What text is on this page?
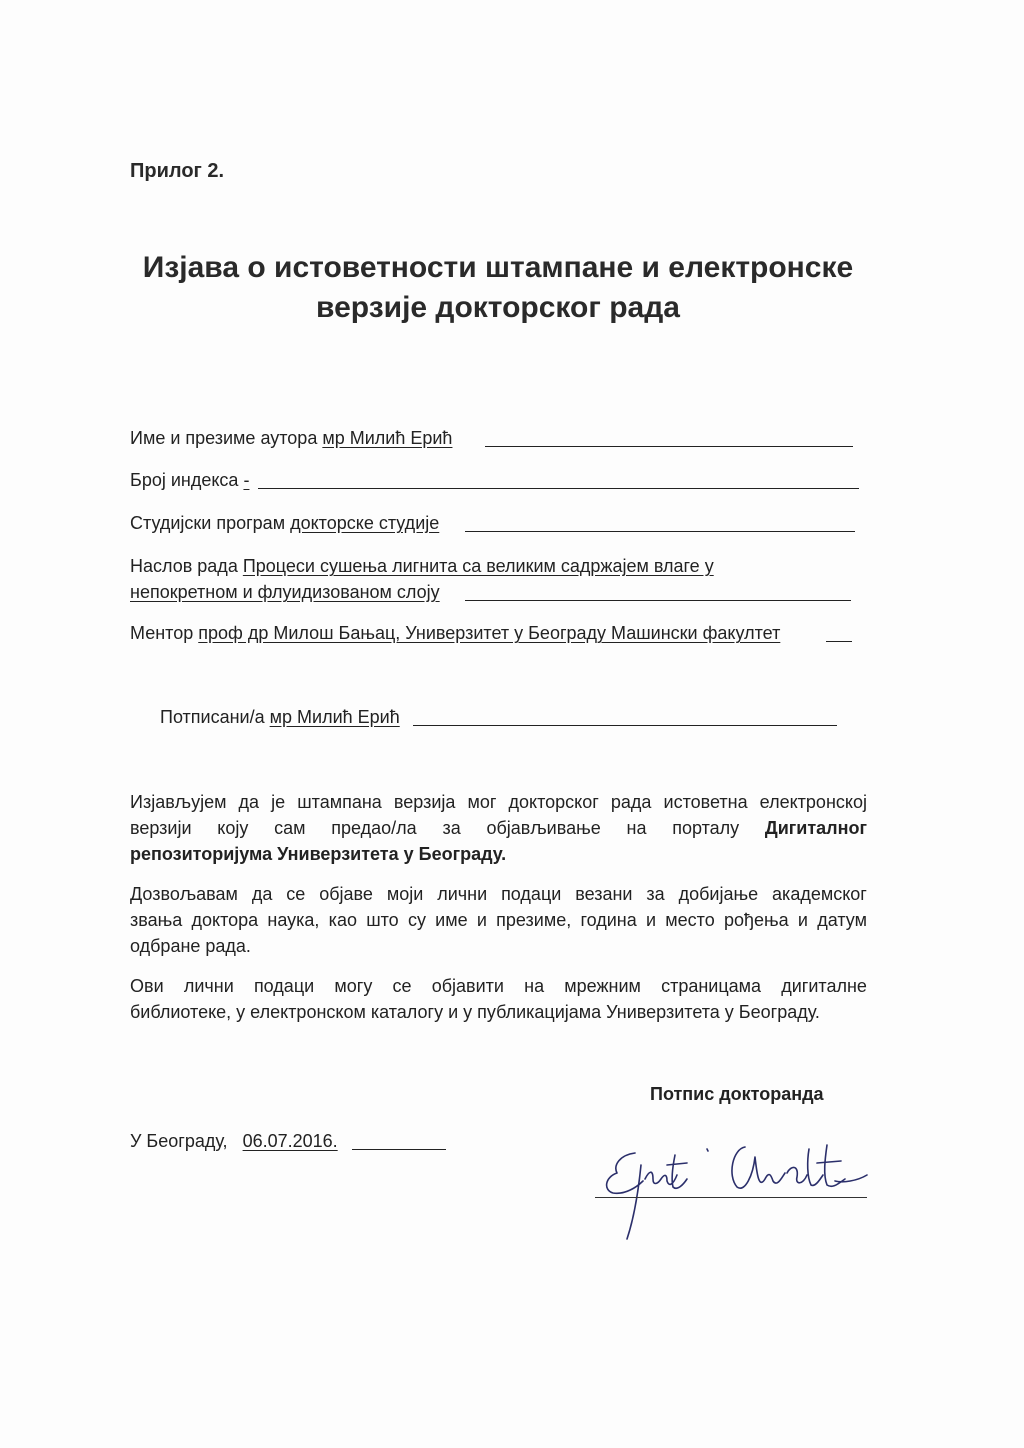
Прилог 2.
Изјава о истоветности штампане и електронске
верзије докторског рада
Име и презиме аутора мр Милић Ерић
Број индекса -
Студијски програм докторске студије
Наслов рада Процеси сушења лигнита са великим садржајем влаге у
непокретном и флуидизованом слоју
Ментор проф др Милош Бањац, Универзитет у Београду Машински факултет
Потписани/а мр Милић Ерић
Изјављујем да је штампана верзија мог докторског рада истоветна електронској
верзији коју сам предао/ла за објављивање на порталу Дигиталног
репозиторијума Универзитета у Београду.
Дозвољавам да се објаве моји лични подаци везани за добијање академског
звања доктора наука, као што су име и презиме, година и место рођења и датум
одбране рада.
Ови лични подаци могу се објавити на мрежним страницама дигиталне
библиотеке, у електронском каталогу и у публикацијама Универзитета у Београду.
Потпис докторанда
У Београду, 06.07.2016.
